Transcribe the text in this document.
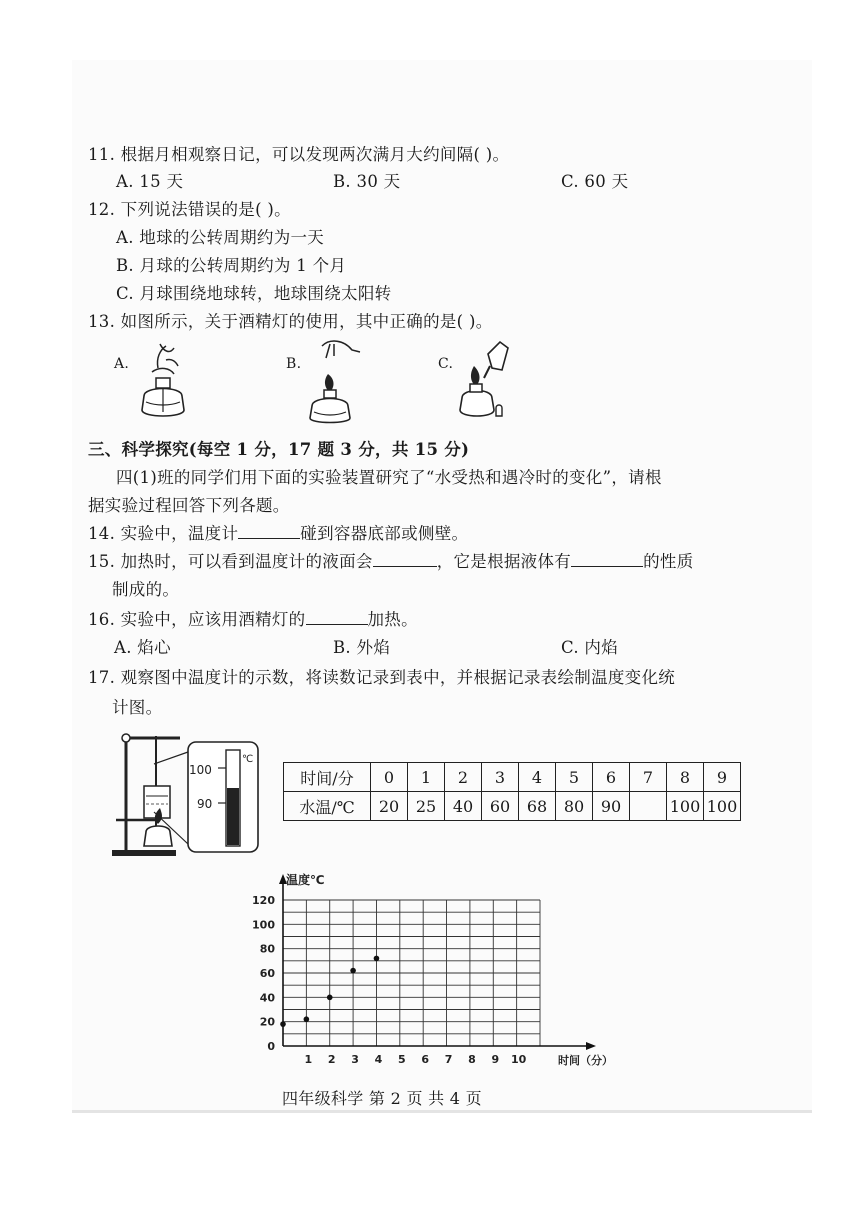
11. 根据月相观察日记，可以发现两次满月大约间隔( )。
A. 15 天	B. 30 天	C. 60 天
12. 下列说法错误的是( )。
A. 地球的公转周期约为一天
B. 月球的公转周期约为 1 个月
C. 月球围绕地球转，地球围绕太阳转
13. 如图所示，关于酒精灯的使用，其中正确的是( )。
A.	B.	C.
三、科学探究(每空 1 分，17 题 3 分，共 15 分)
四(1)班的同学们用下面的实验装置研究了“水受热和遇冷时的变化”，请根
据实验过程回答下列各题。
14. 实验中，温度计	碰到容器底部或侧壁。
15. 加热时，可以看到温度计的液面会	，它是根据液体有	的性质
制成的。
16. 实验中，应该用酒精灯的	加热。
A. 焰心	B. 外焰	C. 内焰
17. 观察图中温度计的示数，将读数记录到表中，并根据记录表绘制温度变化统
计图。
100
90
℃
时间/分	0	1	2	3	4	5	6	7	8	9
水温/℃	20	25	40	60	68	80	90		100	100
0
20
40
60
80
100
120
1 2 3 4 5 6 7 8 9 10
温度℃
时间（分）
四年级科学 第 2 页 共 4 页
